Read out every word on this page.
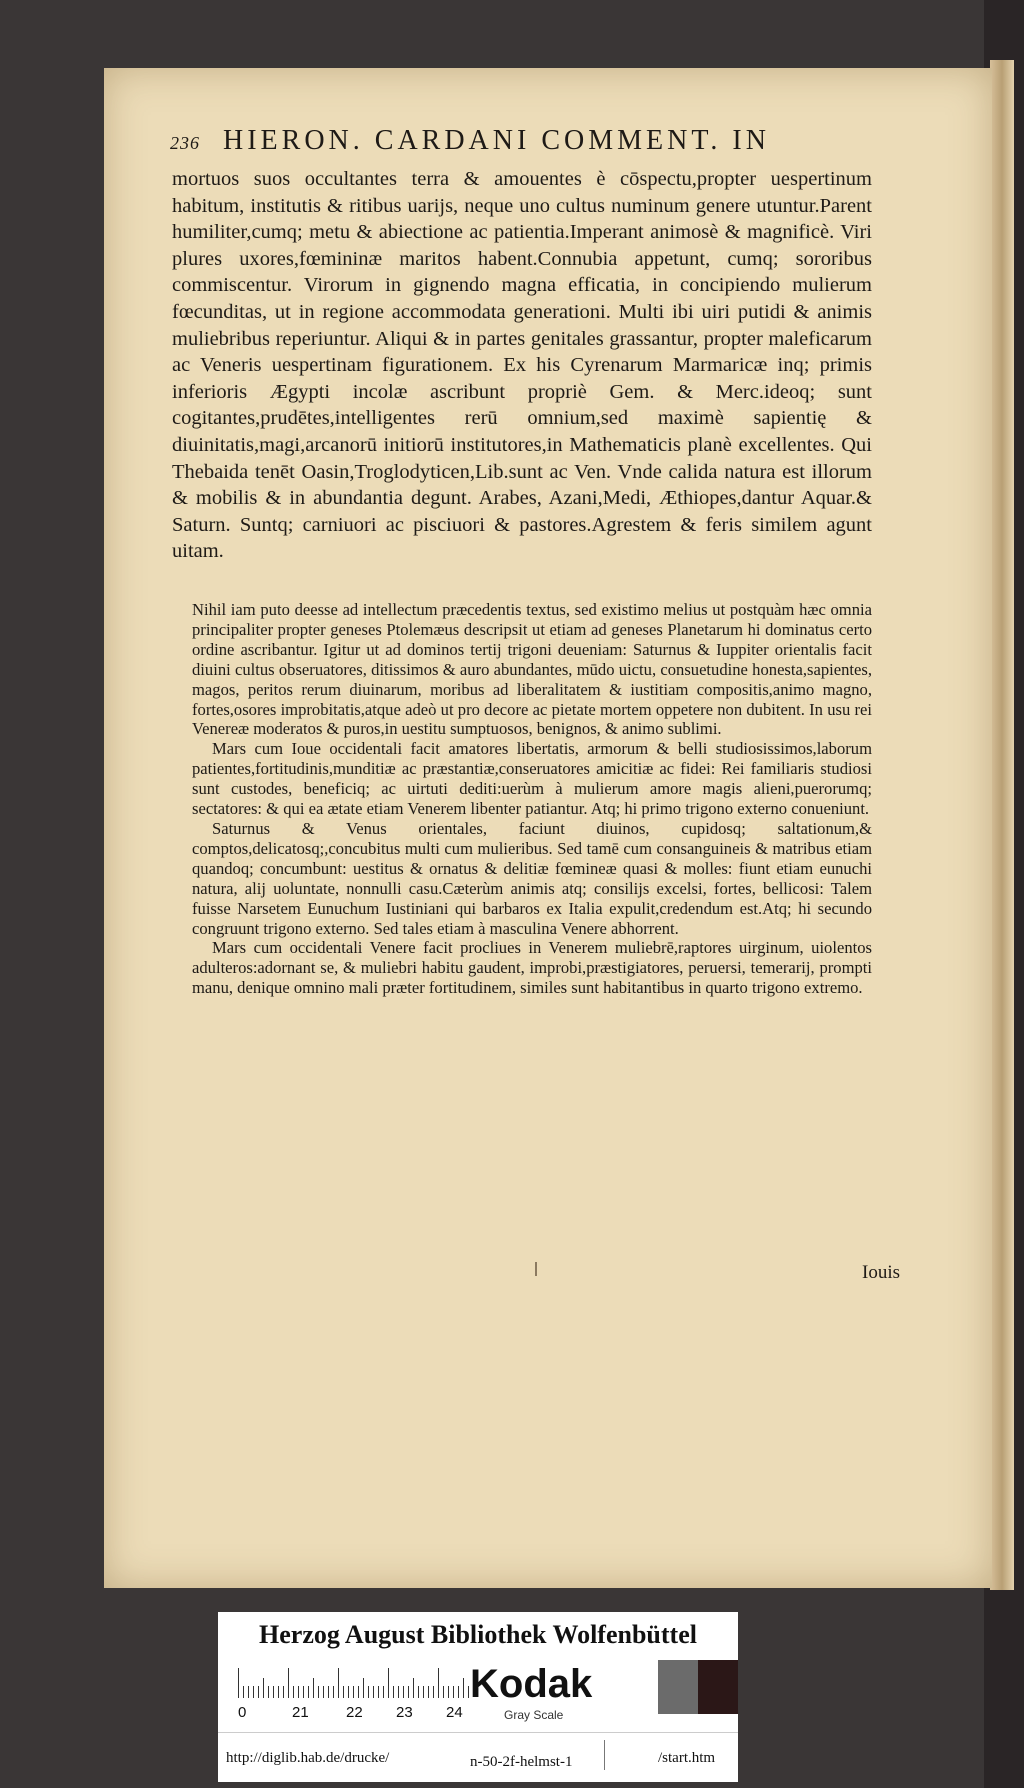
236 HIERON. CARDANI COMMENT. IN

mortuos suos occultantes terra & amouentes è cōspectu,propter uespertinum habitum, institutis & ritibus uarijs, neque uno cultus numinum genere utuntur.Parent humiliter,cumq; metu & abiectione ac patientia.Imperant animosè & magnificè. Viri plures uxores,fœmininæ maritos habent.Connubia appetunt, cumq; sororibus commiscentur. Virorum in gignendo magna efficatia, in concipiendo mulierum fœcunditas, ut in regione accommodata generationi. Multi ibi uiri putidi & animis muliebribus reperiuntur. Aliqui & in partes genitales grassantur, propter maleficarum ac Veneris uespertinam figurationem. Ex his Cyrenarum Marmaricæ inq; primis inferioris Ægypti incolæ ascribunt propriè Gem. & Merc.ideoq; sunt cogitantes,prudētes,intelligentes rerū omnium,sed maximè sapientię & diuinitatis,magi,arcanorū initiorū institutores,in Mathematicis planè excellentes. Qui Thebaida tenēt Oasin,Troglodyticen,Lib.sunt ac Ven. Vnde calida natura est illorum & mobilis & in abundantia degunt. Arabes, Azani,Medi, Æthiopes,dantur Aquar.& Saturn. Suntq; carniuori ac pisciuori & pastores.Agrestem & feris similem agunt uitam.

Nihil iam puto deesse ad intellectum præcedentis textus, sed existimo melius ut postquàm hæc omnia principaliter propter geneses Ptolemæus descripsit ut etiam ad geneses Planetarum hi dominatus certo ordine ascribantur. Igitur ut ad dominos tertij trigoni deueniam: Saturnus & Iuppiter orientalis facit diuini cultus obseruatores, ditissimos & auro abundantes, mūdo uictu, consuetudine honesta,sapientes, magos, peritos rerum diuinarum, moribus ad liberalitatem & iustitiam compositis,animo magno, fortes,osores improbitatis,atque adeò ut pro decore ac pietate mortem oppetere non dubitent. In usu rei Venereæ moderatos & puros,in uestitu sumptuosos, benignos, & animo sublimi.

Mars cum Ioue occidentali facit amatores libertatis, armorum & belli studiosissimos,laborum patientes,fortitudinis,munditiæ ac præstantiæ,conseruatores amicitiæ ac fidei: Rei familiaris studiosi sunt custodes, beneficiq; ac uirtuti dediti:uerùm à mulierum amore magis alieni,puerorumq; sectatores: & qui ea ætate etiam Venerem libenter patiantur. Atq; hi primo trigono externo conueniunt.

Saturnus & Venus orientales, faciunt diuinos, cupidosq; saltationum,& comptos,delicatosq;,concubitus multi cum mulieribus. Sed tamē cum consanguineis & matribus etiam quandoq; concumbunt: uestitus & ornatus & delitiæ fœmineæ quasi & molles: fiunt etiam eunuchi natura, alij uoluntate, nonnulli casu.Cæterùm animis atq; consilijs excelsi, fortes, bellicosi: Talem fuisse Narsetem Eunuchum Iustiniani qui barbaros ex Italia expulit,credendum est.Atq; hi secundo congruunt trigono externo. Sed tales etiam à masculina Venere abhorrent.

Mars cum occidentali Venere facit procliues in Venerem muliebrē,raptores uirginum, uiolentos adulteros:adornant se, & muliebri habitu gaudent, improbi,præstigiatores, peruersi, temerarij, prompti manu, denique omnino mali præter fortitudinem, similes sunt habitantibus in quarto trigono extremo.

Iouis
Herzog August Bibliothek Wolfenbüttel
0	21 22 23 24
Kodak
Gray Scale
http://diglib.hab.de/drucke/	n-50-2f-helmst-1	/start.htm
